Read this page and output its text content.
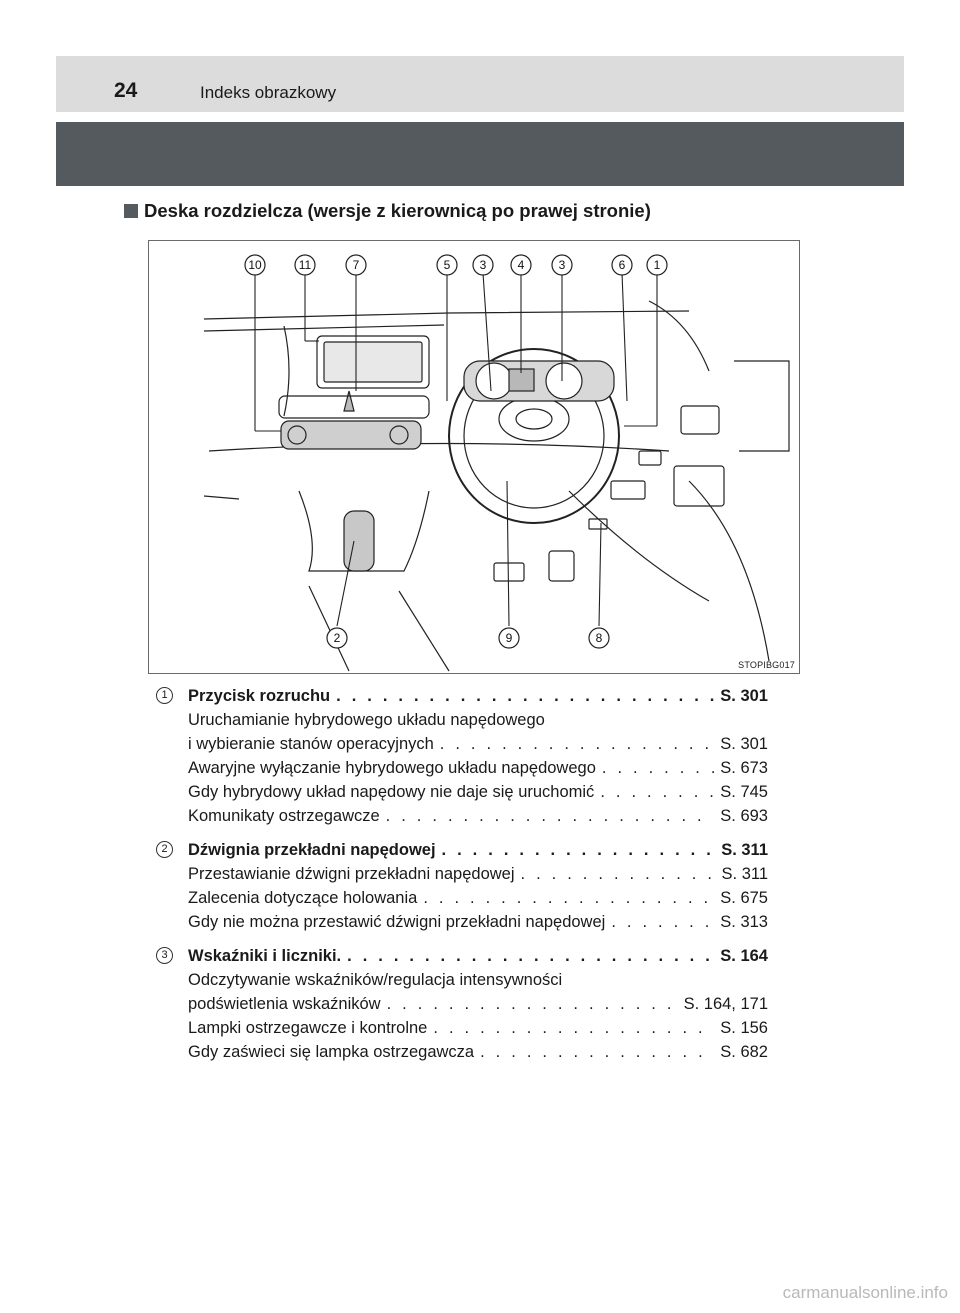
24	Indeks obrazkowy
Deska rozdzielcza (wersje z kierownicą po prawej stronie)
10	11	7	5 3	4	3	6 1
2	9	8
STOPIBG017
1	Przycisk rozruchu . . .	S. 301
Uruchamianie hybrydowego układu napędowego
i wybieranie stanów operacyjnych . . .	S. 301
Awaryjne wyłączanie hybrydowego układu napędowego . . .	S. 673
Gdy hybrydowy układ napędowy nie daje się uruchomić . . .	S. 745
Komunikaty ostrzegawcze . . .	S. 693
2	Dźwignia przekładni napędowej . . .	S. 311
Przestawianie dźwigni przekładni napędowej . . .	S. 311
Zalecenia dotyczące holowania . . .	S. 675
Gdy nie można przestawić dźwigni przekładni napędowej . . .	S. 313
3	Wskaźniki i liczniki. . . .	S. 164
Odczytywanie wskaźników/regulacja intensywności
podświetlenia wskaźników . . .	S. 164, 171
Lampki ostrzegawcze i kontrolne . . .	S. 156
Gdy zaświeci się lampka ostrzegawcza . . .	S. 682
carmanualsonline.info
